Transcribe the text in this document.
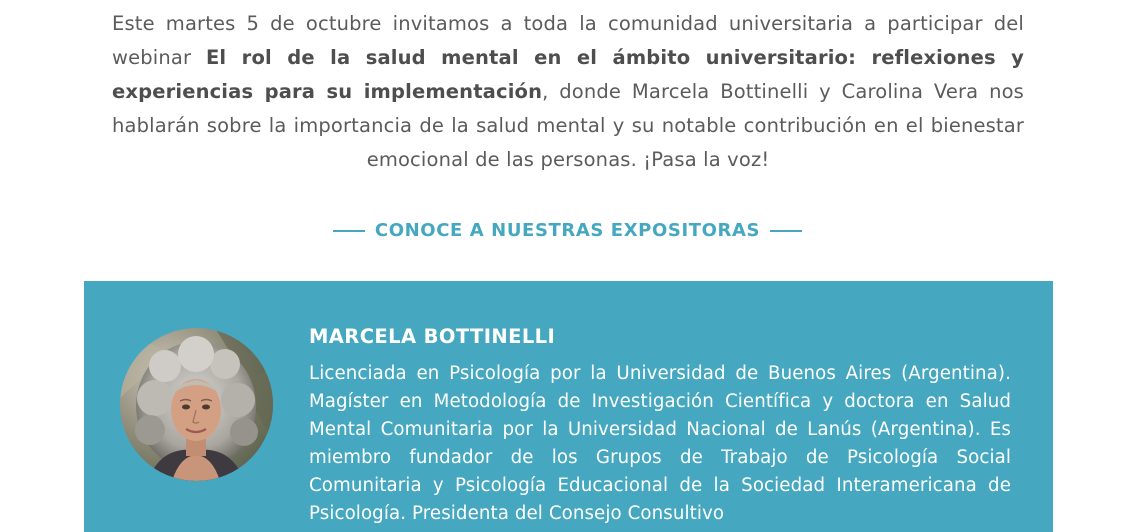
Este martes 5 de octubre invitamos a toda la comunidad universitaria a participar del webinar El rol de la salud mental en el ámbito universitario: reflexiones y experiencias para su implementación, donde Marcela Bottinelli y Carolina Vera nos hablarán sobre la importancia de la salud mental y su notable contribución en el bienestar emocional de las personas. ¡Pasa la voz!

CONOCE A NUESTRAS EXPOSITORAS
MARCELA BOTTINELLI

Licenciada en Psicología por la Universidad de Buenos Aires (Argentina). Magíster en Metodología de Investigación Científica y doctora en Salud Mental Comunitaria por la Universidad Nacional de Lanús (Argentina). Es miembro fundador de los Grupos de Trabajo de Psicología Social Comunitaria y Psicología Educacional de la Sociedad Interamericana de Psicología. Presidenta del Consejo Consultivo
